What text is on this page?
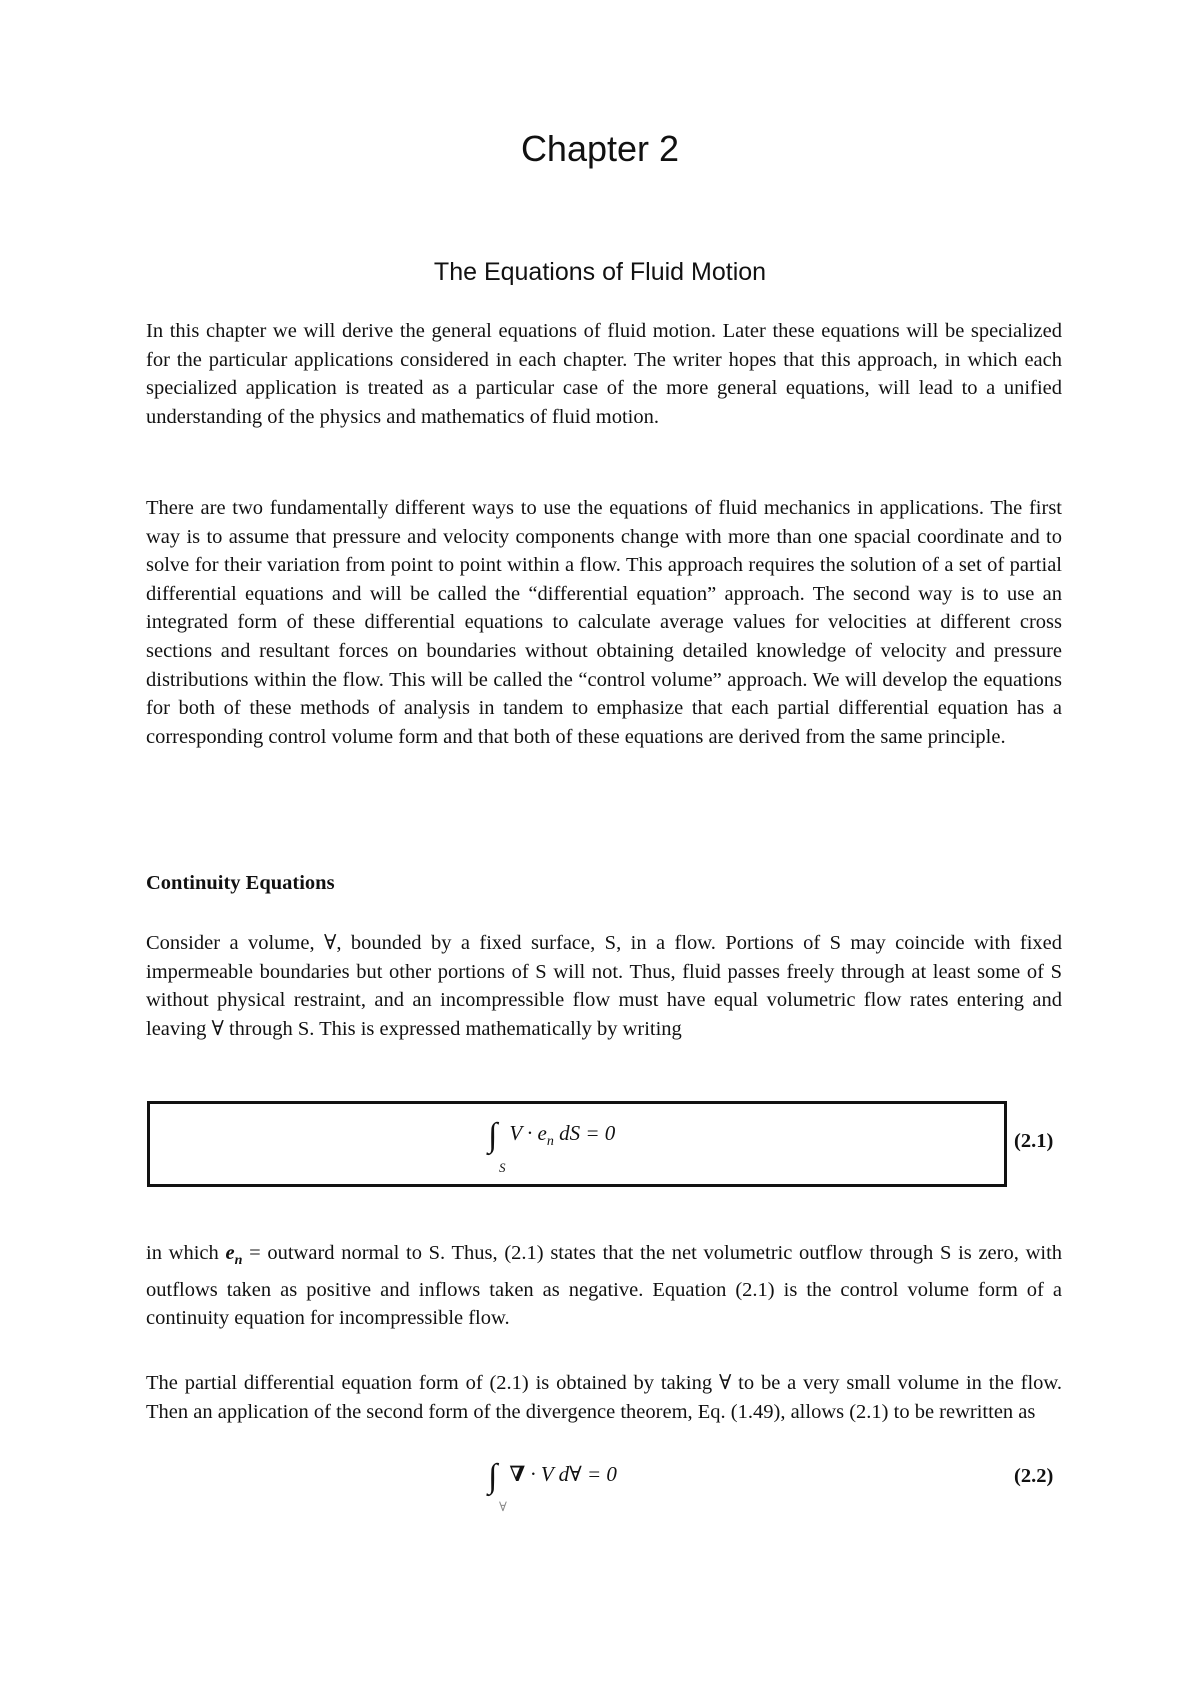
Chapter 2
The Equations of Fluid Motion

In this chapter we will derive the general equations of fluid motion. Later these equations will be specialized for the particular applications considered in each chapter. The writer hopes that this approach, in which each specialized application is treated as a particular case of the more general equations, will lead to a unified understanding of the physics and mathematics of fluid motion.

There are two fundamentally different ways to use the equations of fluid mechanics in applications. The first way is to assume that pressure and velocity components change with more than one spacial coordinate and to solve for their variation from point to point within a flow. This approach requires the solution of a set of partial differential equations and will be called the “differential equation” approach. The second way is to use an integrated form of these differential equations to calculate average values for velocities at different cross sections and resultant forces on boundaries without obtaining detailed knowledge of velocity and pressure distributions within the flow. This will be called the “control volume” approach. We will develop the equations for both of these methods of analysis in tandem to emphasize that each partial differential equation has a corresponding control volume form and that both of these equations are derived from the same principle.

Continuity Equations

Consider a volume, ∀, bounded by a fixed surface, S, in a flow. Portions of S may coincide with fixed impermeable boundaries but other portions of S will not. Thus, fluid passes freely through at least some of S without physical restraint, and an incompressible flow must have equal volumetric flow rates entering and leaving ∀ through S. This is expressed mathematically by writing

∫ $V \cdot e_n$ dS = 0
S
(2.1)

in which $e_n$ = outward normal to S. Thus, (2.1) states that the net volumetric outflow through S is zero, with outflows taken as positive and inflows taken as negative. Equation (2.1) is the control volume form of a continuity equation for incompressible flow.

The partial differential equation form of (2.1) is obtained by taking ∀ to be a very small volume in the flow. Then an application of the second form of the divergence theorem, Eq. (1.49), allows (2.1) to be rewritten as

∫ ∇ · V d∀ = 0
∀
(2.2)
